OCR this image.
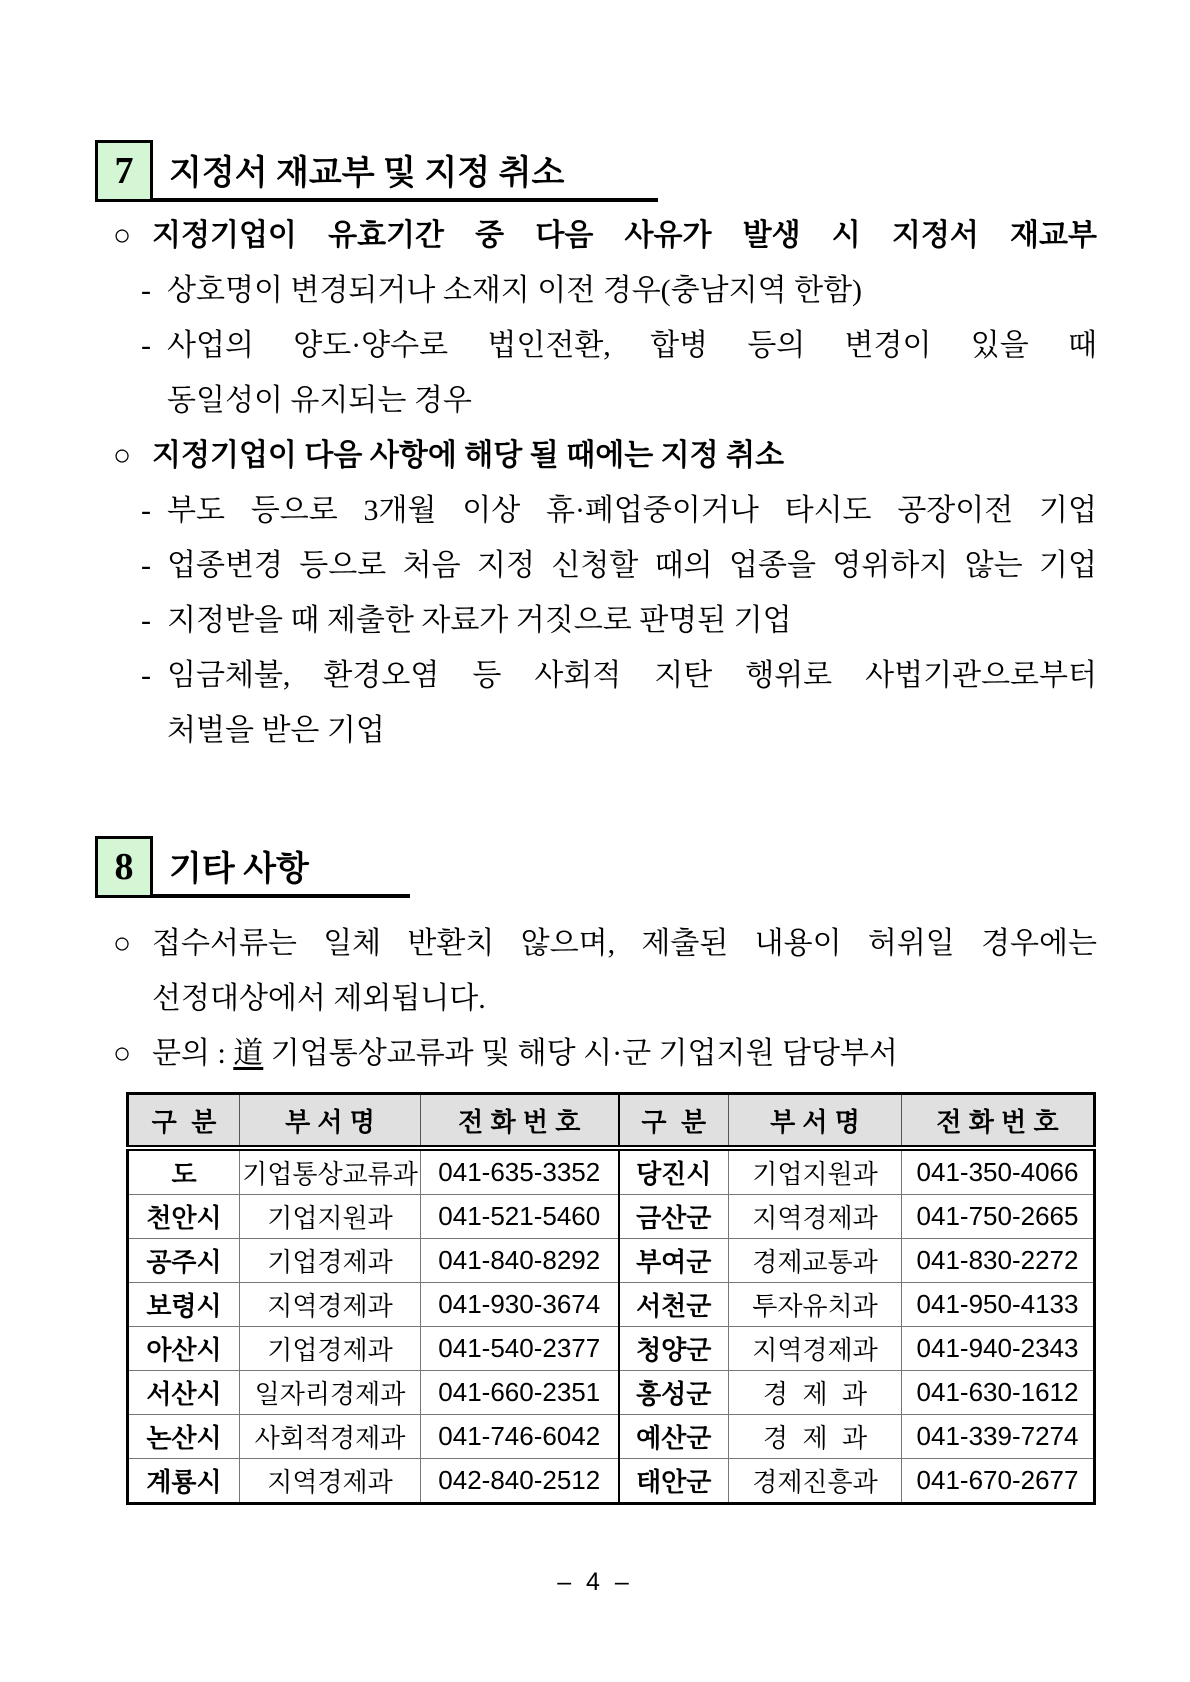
7	지정서 재교부 및 지정 취소

○ 지정기업이 유효기간 중 다음 사유가 발생 시 지정서 재교부

- 상호명이 변경되거나 소재지 이전 경우(충남지역 한함)

- 사업의 양도·양수로 법인전환, 합병 등의 변경이 있을 때

동일성이 유지되는 경우

○ 지정기업이 다음 사항에 해당 될 때에는 지정 취소

- 부도 등으로 3개월 이상 휴·폐업중이거나 타시도 공장이전 기업

- 업종변경 등으로 처음 지정 신청할 때의 업종을 영위하지 않는 기업

- 지정받을 때 제출한 자료가 거짓으로 판명된 기업

- 임금체불, 환경오염 등 사회적 지탄 행위로 사법기관으로부터

처벌을 받은 기업

8	기타 사항

○ 접수서류는 일체 반환치 않으며, 제출된 내용이 허위일 경우에는

선정대상에서 제외됩니다.

○ 문의 : 道 기업통상교류과 및 해당 시·군 기업지원 담당부서

구  분	부 서 명	전 화 번 호	구  분	부 서 명	전 화 번 호
도	기업통상교류과	041-635-3352	당진시	기업지원과	041-350-4066
천안시	기업지원과	041-521-5460	금산군	지역경제과	041-750-2665
공주시	기업경제과	041-840-8292	부여군	경제교통과	041-830-2272
보령시	지역경제과	041-930-3674	서천군	투자유치과	041-950-4133
아산시	기업경제과	041-540-2377	청양군	지역경제과	041-940-2343
서산시	일자리경제과	041-660-2351	홍성군	경  제  과	041-630-1612
논산시	사회적경제과	041-746-6042	예산군	경  제  과	041-339-7274
계룡시	지역경제과	042-840-2512	태안군	경제진흥과	041-670-2677
– 4 –
